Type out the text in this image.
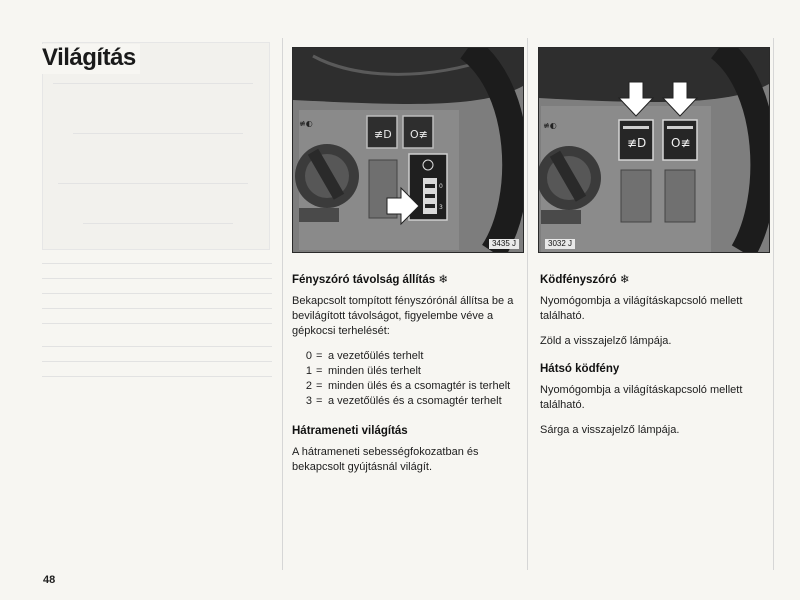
Világítás
≢D O≢
0
3
≢◐
3435 J
≢◐
≢D O≢
3032 J
Fényszóró távolság állítás ❄

Bekapcsolt tompított fényszórónál állítsa be a bevilágított távolságot, figyelembe véve a gépkocsi terhelését:

0 = a vezetőülés terhelt
1 = minden ülés terhelt
2 = minden ülés és a csomagtér is terhelt
3 = a vezetőülés és a csomagtér terhelt
Hátrameneti világítás

A hátrameneti sebességfokozatban és bekapcsolt gyújtásnál világít.

Ködfényszóró ❄

Nyomógombja a világításkapcsoló mellett található.

Zöld a visszajelző lámpája.

Hátsó ködfény

Nyomógombja a világításkapcsoló mellett található.

Sárga a visszajelző lámpája.

48
